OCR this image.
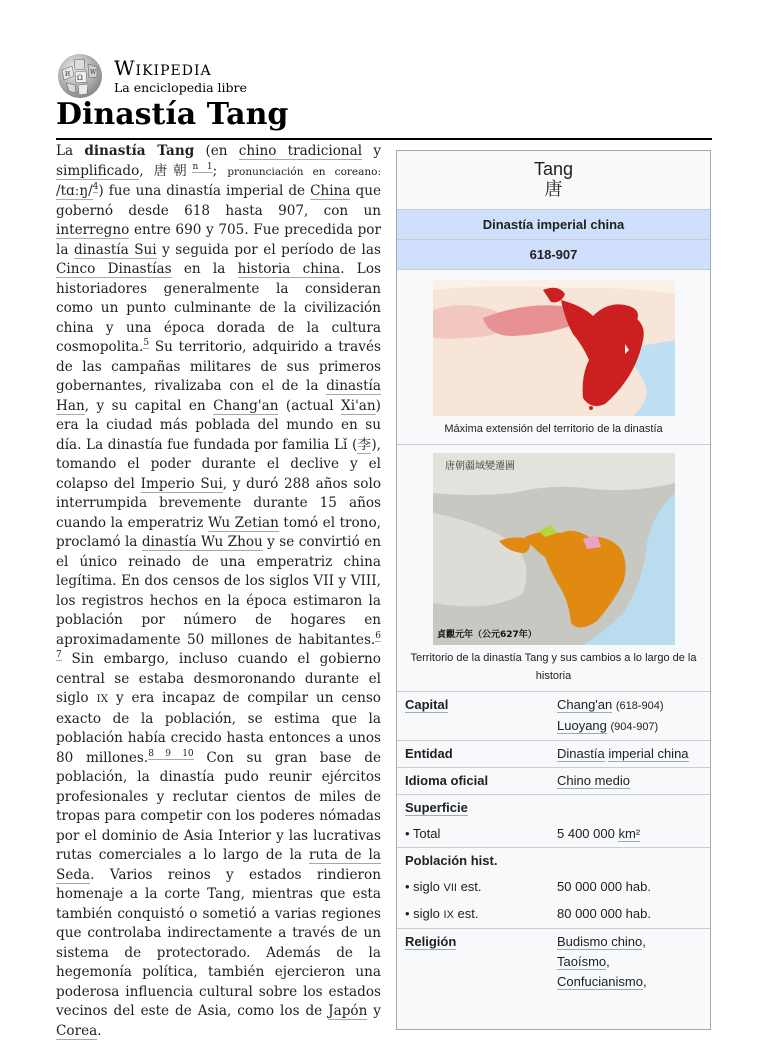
Ω
W
И Wikipedia
La enciclopedia libre
Dinastía Tang
La dinastía Tang (en chino tradicional y simplificado, 唐朝$^{n 1}$; pronunciación en coreano: /tɑːŋ/$^4$) fue una dinastía imperial de China que gobernó desde 618 hasta 907, con un interregno entre 690 y 705. Fue precedida por la dinastía Sui y seguida por el período de las Cinco Dinastías en la historia china. Los historiadores generalmente la consideran como un punto culminante de la civilización china y una época dorada de la cultura cosmopolita.$^5$ Su territorio, adquirido a través de las campañas militares de sus primeros gobernantes, rivalizaba con el de la dinastía Han, y su capital en Chang'an (actual Xi'an) era la ciudad más poblada del mundo en su día. La dinastía fue fundada por familia Lǐ (李), tomando el poder durante el declive y el colapso del Imperio Sui, y duró 288 años solo interrumpida brevemente durante 15 años cuando la emperatriz Wu Zetian tomó el trono, proclamó la dinastía Wu Zhou y se convirtió en el único reinado de una emperatriz china legítima. En dos censos de los siglos VII y VIII, los registros hechos en la época estimaron la población por número de hogares en aproximadamente 50 millones de habitantes.$^{6 7}$ Sin embargo, incluso cuando el gobierno central se estaba desmoronando durante el siglo IX y era incapaz de compilar un censo exacto de la población, se estima que la población había crecido hasta entonces a unos 80 millones.$^{8 9 10}$ Con su gran base de población, la dinastía pudo reunir ejércitos profesionales y reclutar cientos de miles de tropas para competir con los poderes nómadas por el dominio de Asia Interior y las lucrativas rutas comerciales a lo largo de la ruta de la Seda. Varios reinos y estados rindieron homenaje a la corte Tang, mientras que esta también conquistó o sometió a varias regiones que controlaba indirectamente a través de un sistema de protectorado. Además de la hegemonía política, también ejercieron una poderosa influencia cultural sobre los estados vecinos del este de Asia, como los de Japón y Corea.
Tang
唐
Dinastía imperial china
618-907
Máxima extensión del territorio de la dinastía
唐朝疆域變遷圖
貞觀元年（公元627年）
Territorio de la dinastía Tang y sus cambios a lo largo de la historia
Capital	Chang'an (618-904)
Luoyang (904-907)
Entidad	Dinastía imperial china
Idioma oficial	Chino medio
Superficie
• Total	5 400 000 km²
Población hist.
• siglo VII est.	50 000 000 hab.
• siglo IX est.	80 000 000 hab.
Religión	Budismo chino,
Taoísmo,
Confucianismo,
